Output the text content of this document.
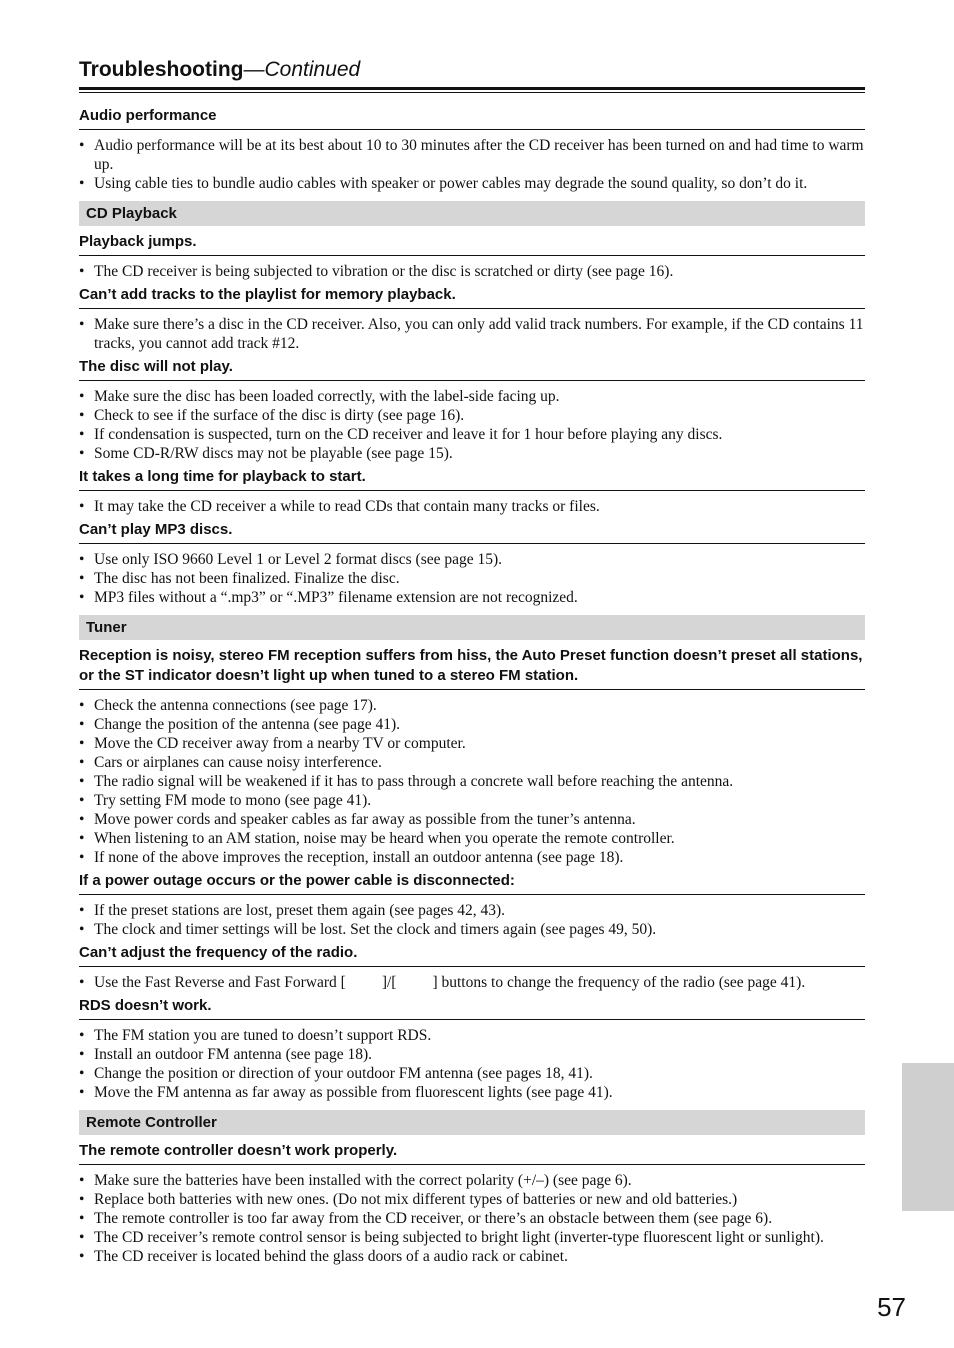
Troubleshooting—Continued
Audio performance
• Audio performance will be at its best about 10 to 30 minutes after the CD receiver has been turned on and had time to warm up.
• Using cable ties to bundle audio cables with speaker or power cables may degrade the sound quality, so don’t do it.
CD Playback
Playback jumps.
• The CD receiver is being subjected to vibration or the disc is scratched or dirty (see page 16).
Can’t add tracks to the playlist for memory playback.
• Make sure there’s a disc in the CD receiver. Also, you can only add valid track numbers. For example, if the CD contains 11 tracks, you cannot add track #12.
The disc will not play.
• Make sure the disc has been loaded correctly, with the label-side facing up.
• Check to see if the surface of the disc is dirty (see page 16).
• If condensation is suspected, turn on the CD receiver and leave it for 1 hour before playing any discs.
• Some CD-R/RW discs may not be playable (see page 15).
It takes a long time for playback to start.
• It may take the CD receiver a while to read CDs that contain many tracks or files.
Can’t play MP3 discs.
• Use only ISO 9660 Level 1 or Level 2 format discs (see page 15).
• The disc has not been finalized. Finalize the disc.
• MP3 files without a “.mp3” or “.MP3” filename extension are not recognized.
Tuner
Reception is noisy, stereo FM reception suffers from hiss, the Auto Preset function doesn’t preset all stations, or the ST indicator doesn’t light up when tuned to a stereo FM station.
• Check the antenna connections (see page 17).
• Change the position of the antenna (see page 41).
• Move the CD receiver away from a nearby TV or computer.
• Cars or airplanes can cause noisy interference.
• The radio signal will be weakened if it has to pass through a concrete wall before reaching the antenna.
• Try setting FM mode to mono (see page 41).
• Move power cords and speaker cables as far away as possible from the tuner’s antenna.
• When listening to an AM station, noise may be heard when you operate the remote controller.
• If none of the above improves the reception, install an outdoor antenna (see page 18).
If a power outage occurs or the power cable is disconnected:
• If the preset stations are lost, preset them again (see pages 42, 43).
• The clock and timer settings will be lost. Set the clock and timers again (see pages 49, 50).
Can’t adjust the frequency of the radio.
• Use the Fast Reverse and Fast Forward [ ]/[ ] buttons to change the frequency of the radio (see page 41).
RDS doesn’t work.
• The FM station you are tuned to doesn’t support RDS.
• Install an outdoor FM antenna (see page 18).
• Change the position or direction of your outdoor FM antenna (see pages 18, 41).
• Move the FM antenna as far away as possible from fluorescent lights (see page 41).
Remote Controller
The remote controller doesn’t work properly.
• Make sure the batteries have been installed with the correct polarity (+/–) (see page 6).
• Replace both batteries with new ones. (Do not mix different types of batteries or new and old batteries.)
• The remote controller is too far away from the CD receiver, or there’s an obstacle between them (see page 6).
• The CD receiver’s remote control sensor is being subjected to bright light (inverter-type fluorescent light or sunlight).
• The CD receiver is located behind the glass doors of a audio rack or cabinet.
57
